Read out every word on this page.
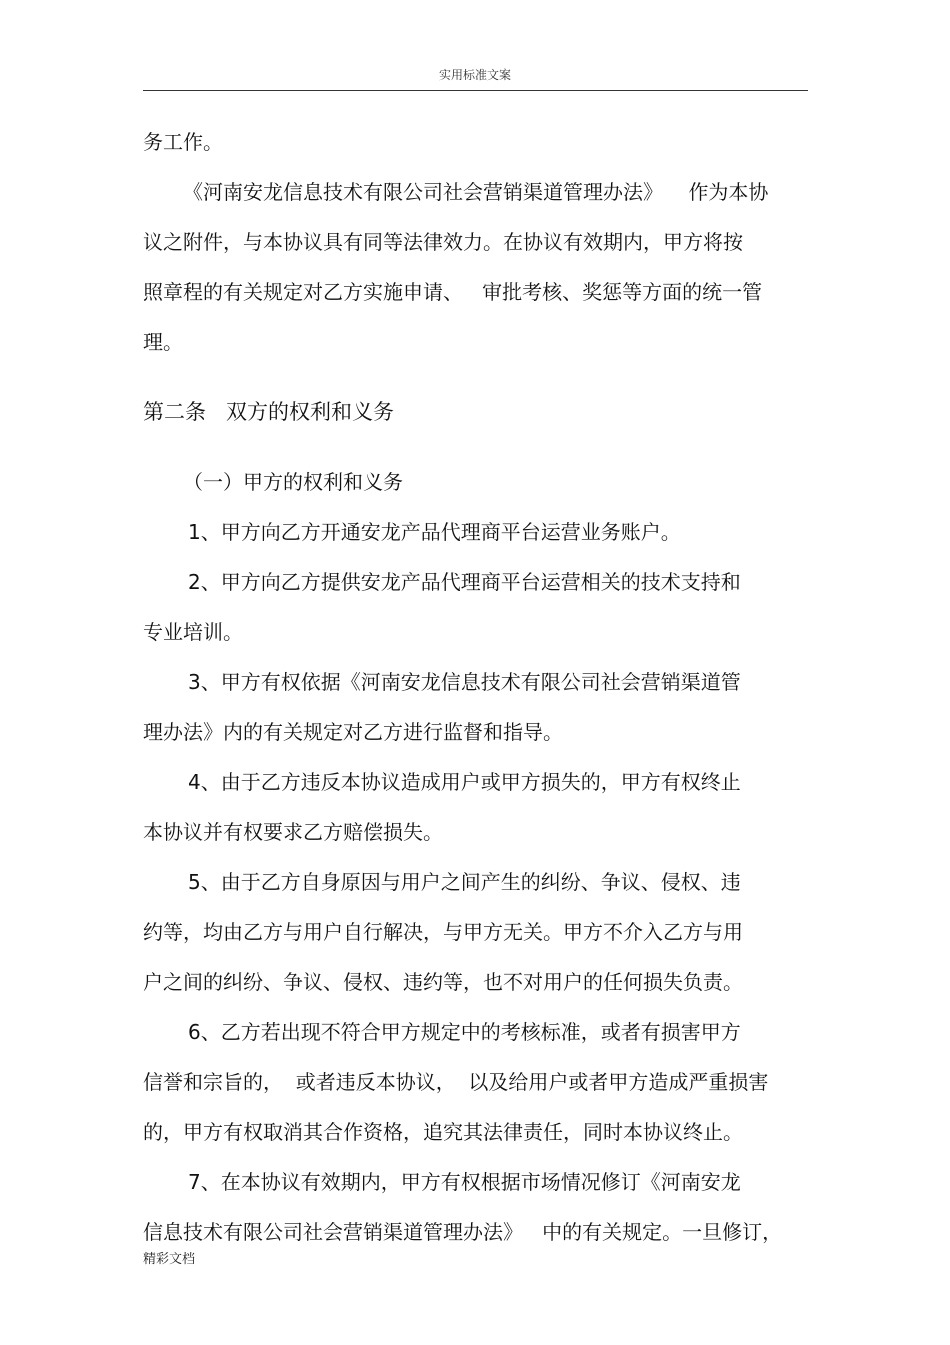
实用标准文案
务工作。
《河南安龙信息技术有限公司社会营销渠道管理办法》    作为本协
议之附件，与本协议具有同等法律效力。在协议有效期内，甲方将按
照章程的有关规定对乙方实施申请、   审批考核、奖惩等方面的统一管
理。
第二条   双方的权利和义务
（一）甲方的权利和义务
1、甲方向乙方开通安龙产品代理商平台运营业务账户。
2、甲方向乙方提供安龙产品代理商平台运营相关的技术支持和
专业培训。
3、甲方有权依据《河南安龙信息技术有限公司社会营销渠道管
理办法》内的有关规定对乙方进行监督和指导。
4、由于乙方违反本协议造成用户或甲方损失的，甲方有权终止
本协议并有权要求乙方赔偿损失。
5、由于乙方自身原因与用户之间产生的纠纷、争议、侵权、违
约等，均由乙方与用户自行解决，与甲方无关。甲方不介入乙方与用
户之间的纠纷、争议、侵权、违约等，也不对用户的任何损失负责。
6、乙方若出现不符合甲方规定中的考核标准，或者有损害甲方
信誉和宗旨的，  或者违反本协议，  以及给用户或者甲方造成严重损害
的，甲方有权取消其合作资格，追究其法律责任，同时本协议终止。
7、在本协议有效期内，甲方有权根据市场情况修订《河南安龙
信息技术有限公司社会营销渠道管理办法》   中的有关规定。一旦修订，
精彩文档
